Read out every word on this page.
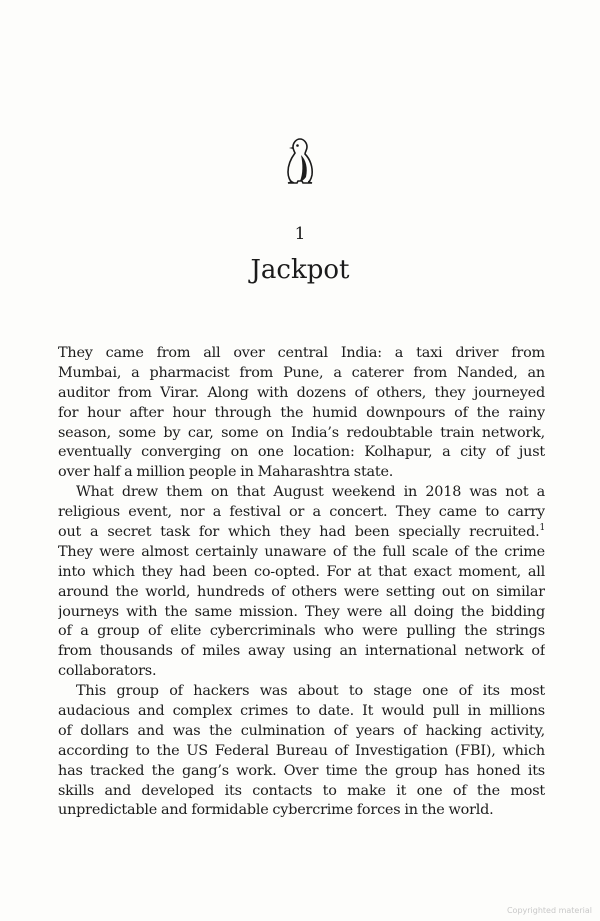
1
Jackpot
They came from all over central India: a taxi driver from
Mumbai, a pharmacist from Pune, a caterer from Nanded, an
auditor from Virar. Along with dozens of others, they journeyed
for hour after hour through the humid downpours of the rainy
season, some by car, some on India’s redoubtable train network,
eventually converging on one location: Kolhapur, a city of just
over half a million people in Maharashtra state.
What drew them on that August weekend in 2018 was not a
religious event, nor a festival or a concert. They came to carry
out a secret task for which they had been specially recruited.$^1$
They were almost certainly unaware of the full scale of the crime
into which they had been co-opted. For at that exact moment, all
around the world, hundreds of others were setting out on similar
journeys with the same mission. They were all doing the bidding
of a group of elite cybercriminals who were pulling the strings
from thousands of miles away using an international network of
collaborators.
This group of hackers was about to stage one of its most
audacious and complex crimes to date. It would pull in millions
of dollars and was the culmination of years of hacking activity,
according to the US Federal Bureau of Investigation (FBI), which
has tracked the gang’s work. Over time the group has honed its
skills and developed its contacts to make it one of the most
unpredictable and formidable cybercrime forces in the world.
Copyrighted material
